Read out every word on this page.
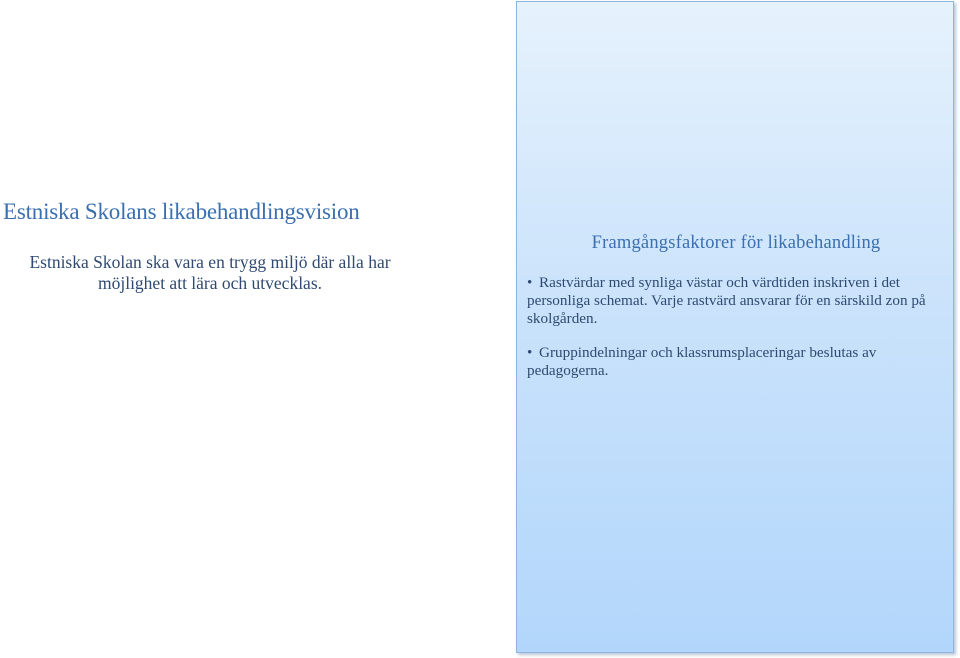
Estniska Skolans likabehandlingsvision

Estniska Skolan ska vara en trygg miljö där alla har möjlighet att lära och utvecklas.

Framgångsfaktorer för likabehandling
• Rastvärdar med synliga västar och värdtiden inskriven i det personliga schemat. Varje rastvärd ansvarar för en särskild zon på skolgården.
• Gruppindelningar och klassrumsplaceringar beslutas av pedagogerna.
